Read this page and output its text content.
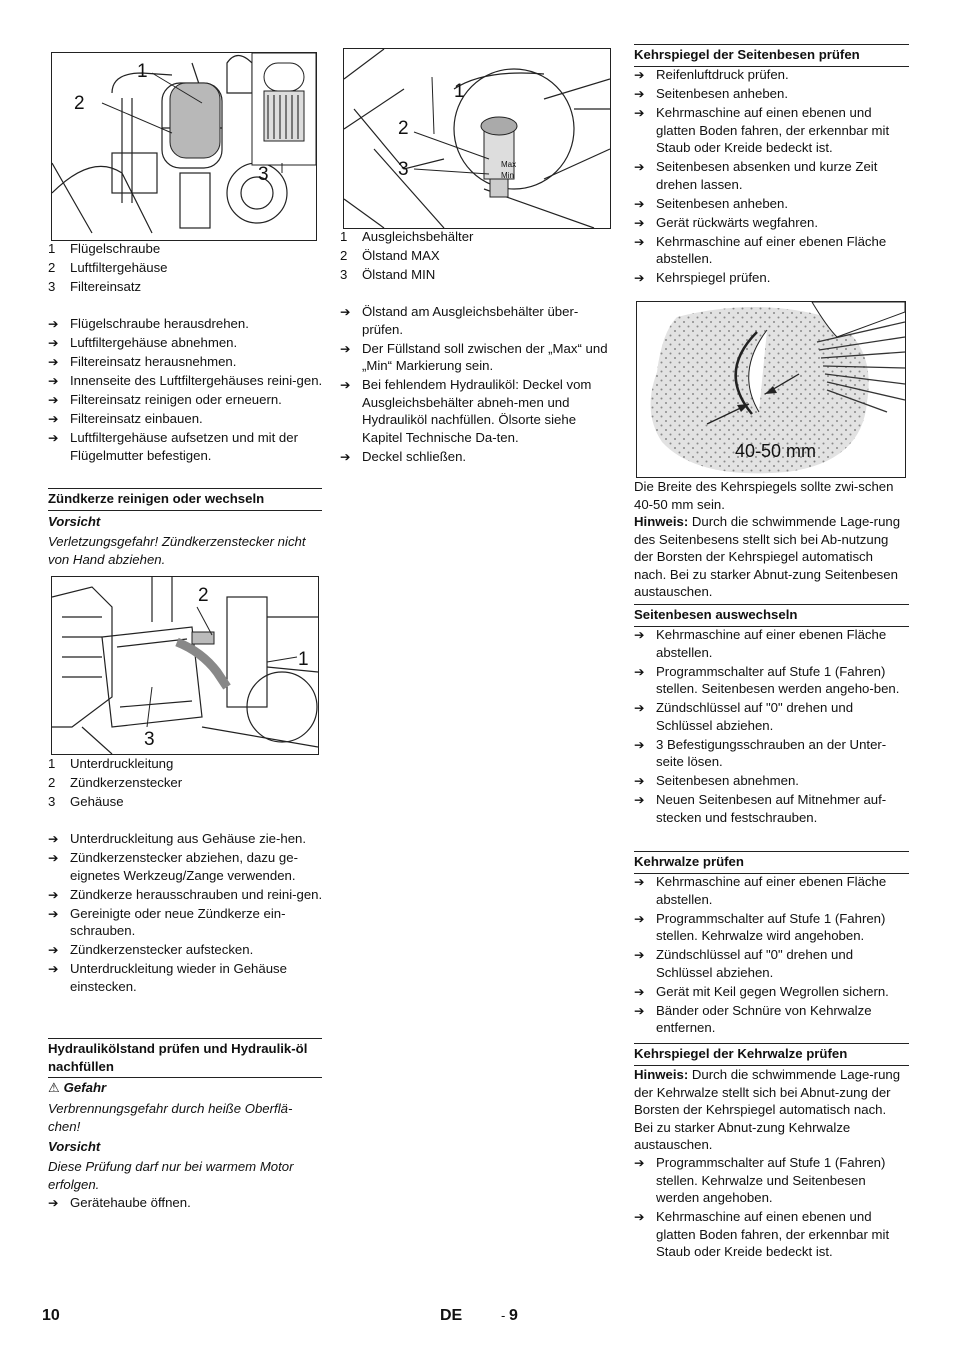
1
2
3
1	Flügelschraube
2	Luftfiltergehäuse
3	Filtereinsatz
➔ Flügelschraube herausdrehen.
➔ Luftfiltergehäuse abnehmen.
➔ Filtereinsatz herausnehmen.
➔ Innenseite des Luftfiltergehäuses reini-gen.
➔ Filtereinsatz reinigen oder erneuern.
➔ Filtereinsatz einbauen.
➔ Luftfiltergehäuse aufsetzen und mit der Flügelmutter befestigen.
Zündkerze reinigen oder wechseln
Vorsicht
Verletzungsgefahr! Zündkerzenstecker nicht von Hand abziehen.
2
1
3
1	Unterdruckleitung
2	Zündkerzenstecker
3	Gehäuse
➔ Unterdruckleitung aus Gehäuse zie-hen.
➔ Zündkerzenstecker abziehen, dazu ge-eignetes Werkzeug/Zange verwenden.
➔ Zündkerze herausschrauben und reini-gen.
➔ Gereinigte oder neue Zündkerze ein-schrauben.
➔ Zündkerzenstecker aufstecken.
➔ Unterdruckleitung wieder in Gehäuse einstecken.
Hydraulikölstand prüfen und Hydraulik-öl nachfüllen
⚠ Gefahr
Verbrennungsgefahr durch heiße Oberflä-chen!
Vorsicht
Diese Prüfung darf nur bei warmem Motor erfolgen.
➔ Gerätehaube öffnen.
Max
Min
1
2
3
1	Ausgleichsbehälter
2	Ölstand MAX
3	Ölstand MIN
➔ Ölstand am Ausgleichsbehälter über-prüfen.
➔ Der Füllstand soll zwischen der „Max“ und „Min“ Markierung sein.
➔ Bei fehlendem Hydrauliköl: Deckel vom Ausgleichsbehälter abneh-men und Hydrauliköl nachfüllen. Ölsorte siehe Kapitel Technische Da-ten.
➔ Deckel schließen.
Kehrspiegel der Seitenbesen prüfen
➔ Reifenluftdruck prüfen.
➔ Seitenbesen anheben.
➔ Kehrmaschine auf einen ebenen und glatten Boden fahren, der erkennbar mit Staub oder Kreide bedeckt ist.
➔ Seitenbesen absenken und kurze Zeit drehen lassen.
➔ Seitenbesen anheben.
➔ Gerät rückwärts wegfahren.
➔ Kehrmaschine auf einer ebenen Fläche abstellen.
➔ Kehrspiegel prüfen.
40-50 mm
Die Breite des Kehrspiegels sollte zwi-schen 40-50 mm sein.
Hinweis: Durch die schwimmende Lage-rung des Seitenbesens stellt sich bei Ab-nutzung der Borsten der Kehrspiegel automatisch nach. Bei zu starker Abnut-zung Seitenbesen austauschen.
Seitenbesen auswechseln
➔ Kehrmaschine auf einer ebenen Fläche abstellen.
➔ Programmschalter auf Stufe 1 (Fahren) stellen. Seitenbesen werden angeho-ben.
➔ Zündschlüssel auf "0" drehen und Schlüssel abziehen.
➔ 3 Befestigungsschrauben an der Unter-seite lösen.
➔ Seitenbesen abnehmen.
➔ Neuen Seitenbesen auf Mitnehmer auf-stecken und festschrauben.
Kehrwalze prüfen
➔ Kehrmaschine auf einer ebenen Fläche abstellen.
➔ Programmschalter auf Stufe 1 (Fahren) stellen. Kehrwalze wird angehoben.
➔ Zündschlüssel auf "0" drehen und Schlüssel abziehen.
➔ Gerät mit Keil gegen Wegrollen sichern.
➔ Bänder oder Schnüre von Kehrwalze entfernen.
Kehrspiegel der Kehrwalze prüfen
Hinweis: Durch die schwimmende Lage-rung der Kehrwalze stellt sich bei Abnut-zung der Borsten der Kehrspiegel automatisch nach. Bei zu starker Abnut-zung Kehrwalze austauschen.
➔ Programmschalter auf Stufe 1 (Fahren) stellen. Kehrwalze und Seitenbesen werden angehoben.
➔ Kehrmaschine auf einen ebenen und glatten Boden fahren, der erkennbar mit Staub oder Kreide bedeckt ist.
10	DE	- 9
